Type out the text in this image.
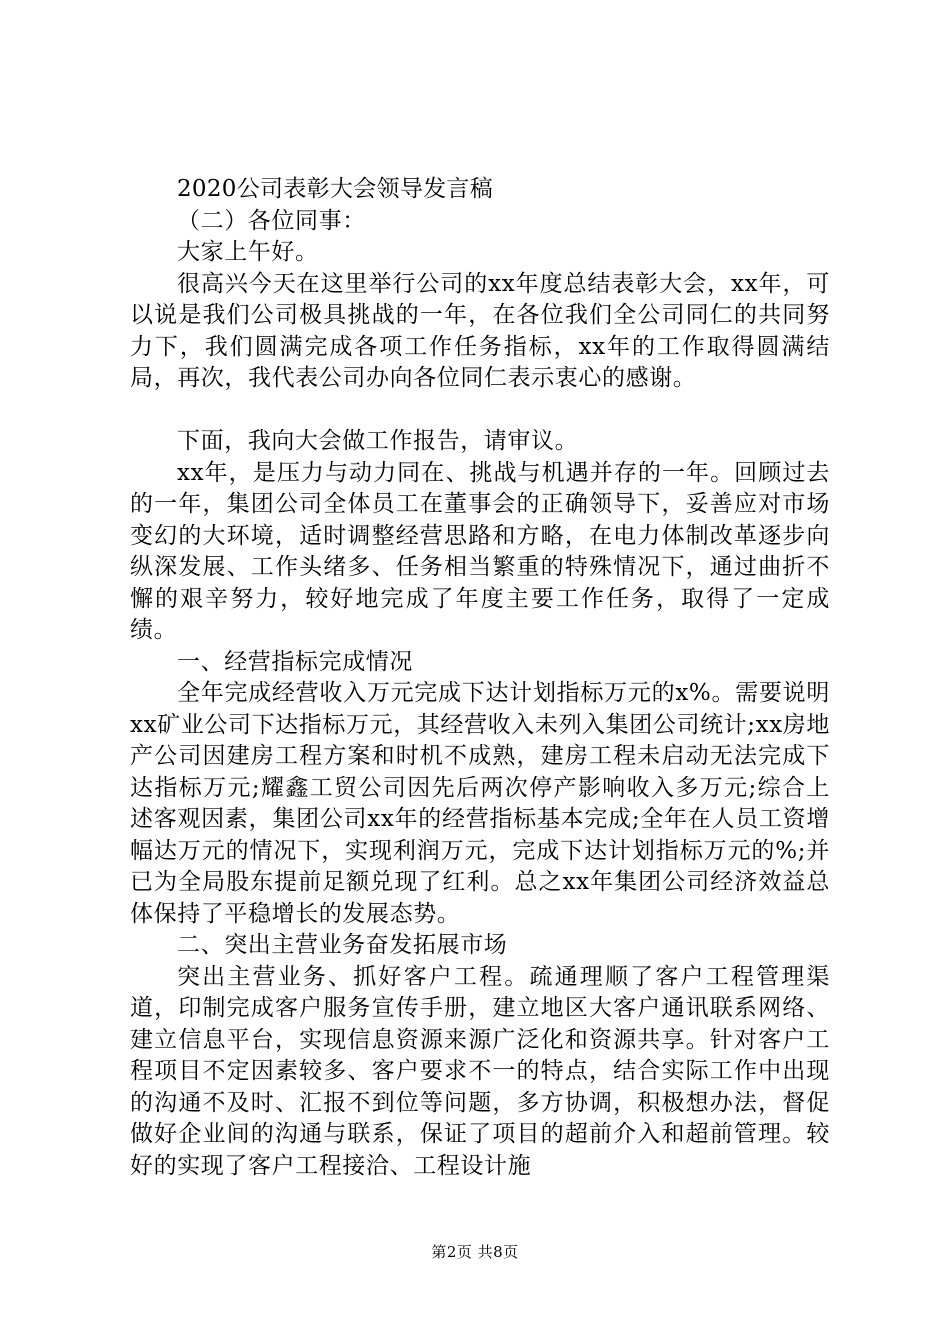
2020公司表彰大会领导发言稿

（二）各位同事：

大家上午好。

很高兴今天在这里举行公司的xx年度总结表彰大会，xx年，可以说是我们公司极具挑战的一年，在各位我们全公司同仁的共同努力下，我们圆满完成各项工作任务指标，xx年的工作取得圆满结局，再次，我代表公司办向各位同仁表示衷心的感谢。

下面，我向大会做工作报告，请审议。

xx年，是压力与动力同在、挑战与机遇并存的一年。回顾过去的一年，集团公司全体员工在董事会的正确领导下，妥善应对市场变幻的大环境，适时调整经营思路和方略，在电力体制改革逐步向纵深发展、工作头绪多、任务相当繁重的特殊情况下，通过曲折不懈的艰辛努力，较好地完成了年度主要工作任务，取得了一定成绩。

一、经营指标完成情况

全年完成经营收入万元完成下达计划指标万元的x%。需要说明xx矿业公司下达指标万元，其经营收入未列入集团公司统计;xx房地产公司因建房工程方案和时机不成熟，建房工程未启动无法完成下达指标万元;耀鑫工贸公司因先后两次停产影响收入多万元;综合上述客观因素，集团公司xx年的经营指标基本完成;全年在人员工资增幅达万元的情况下，实现利润万元，完成下达计划指标万元的%;并已为全局股东提前足额兑现了红利。总之xx年集团公司经济效益总体保持了平稳增长的发展态势。

二、突出主营业务奋发拓展市场

突出主营业务、抓好客户工程。疏通理顺了客户工程管理渠道，印制完成客户服务宣传手册，建立地区大客户通讯联系网络、建立信息平台，实现信息资源来源广泛化和资源共享。针对客户工程项目不定因素较多、客户要求不一的特点，结合实际工作中出现的沟通不及时、汇报不到位等问题，多方协调，积极想办法，督促做好企业间的沟通与联系，保证了项目的超前介入和超前管理。较好的实现了客户工程接洽、工程设计施

第2页 共8页
